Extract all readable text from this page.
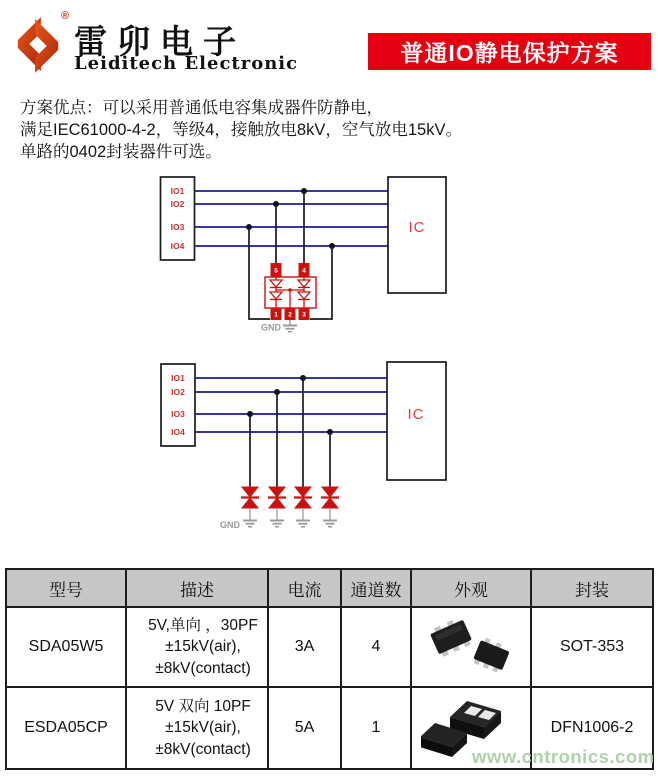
®
雷卯电子
Leiditech Electronic	普通IO静电保护方案
方案优点：可以采用普通低电容集成器件防静电，
满足IEC61000-4-2，等级4，接触放电8kV，空气放电15kV。
单路的0402封装器件可选。
IO1
IO2
IO3
IO4
IC
5	4
1 2 3
GND
IO1
IO2
IO3
IO4
IC
GND
型号	描述	电流	通道数	外观	封装
SDA05W5	5V,单向 ，30PF
±15kV(air),
±8kV(contact)	3A	4		SOT-353
ESDA05CP	5V 双向 10PF
±15kV(air),
±8kV(contact)	5A	1		DFN1006-2
www.cntronics.com
